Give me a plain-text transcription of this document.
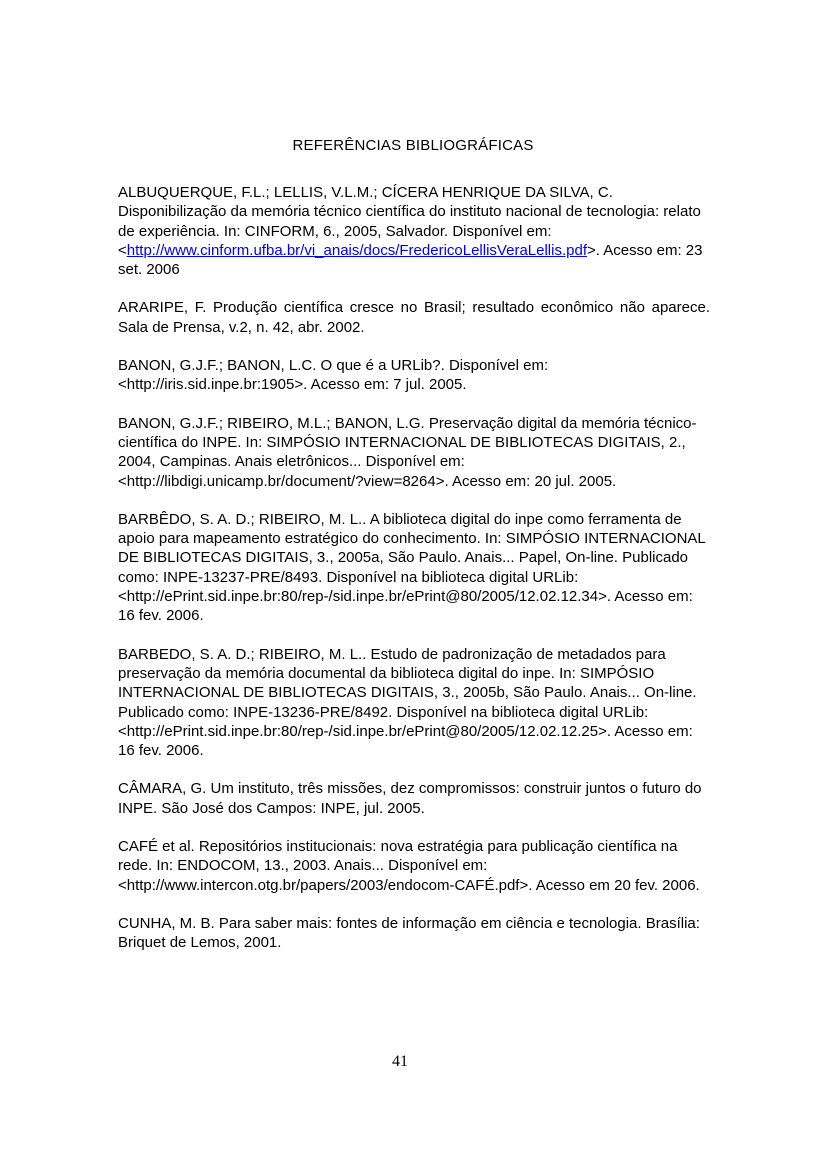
REFERÊNCIAS BIBLIOGRÁFICAS

ALBUQUERQUE, F.L.; LELLIS, V.L.M.; CÍCERA HENRIQUE DA SILVA, C. Disponibilização da memória técnico científica do instituto nacional de tecnologia: relato de experiência. In: CINFORM, 6., 2005, Salvador. Disponível em: <http://www.cinform.ufba.br/vi_anais/docs/FredericoLellisVeraLellis.pdf>. Acesso em: 23 set. 2006

ARARIPE, F. Produção científica cresce no Brasil; resultado econômico não aparece. Sala de Prensa, v.2, n. 42, abr. 2002.

BANON, G.J.F.; BANON, L.C. O que é a URLib?. Disponível em: <http://iris.sid.inpe.br:1905>. Acesso em: 7 jul. 2005.

BANON, G.J.F.; RIBEIRO, M.L.; BANON, L.G. Preservação digital da memória técnico-científica do INPE. In: SIMPÓSIO INTERNACIONAL DE BIBLIOTECAS DIGITAIS, 2., 2004, Campinas. Anais eletrônicos... Disponível em: <http://libdigi.unicamp.br/document/?view=8264>. Acesso em: 20 jul. 2005.

BARBÊDO, S. A. D.; RIBEIRO, M. L.. A biblioteca digital do inpe como ferramenta de apoio para mapeamento estratégico do conhecimento. In: SIMPÓSIO INTERNACIONAL DE BIBLIOTECAS DIGITAIS, 3., 2005a, São Paulo. Anais... Papel, On-line. Publicado como: INPE-13237-PRE/8493. Disponível na biblioteca digital URLib: <http://ePrint.sid.inpe.br:80/rep-/sid.inpe.br/ePrint@80/2005/12.02.12.34>. Acesso em: 16 fev. 2006.

BARBEDO, S. A. D.; RIBEIRO, M. L.. Estudo de padronização de metadados para preservação da memória documental da biblioteca digital do inpe. In: SIMPÓSIO INTERNACIONAL DE BIBLIOTECAS DIGITAIS, 3., 2005b, São Paulo. Anais... On-line. Publicado como: INPE-13236-PRE/8492. Disponível na biblioteca digital URLib: <http://ePrint.sid.inpe.br:80/rep-/sid.inpe.br/ePrint@80/2005/12.02.12.25>. Acesso em: 16 fev. 2006.

CÂMARA, G. Um instituto, três missões, dez compromissos: construir juntos o futuro do INPE. São José dos Campos: INPE, jul. 2005.

CAFÉ et al. Repositórios institucionais: nova estratégia para publicação científica na rede. In: ENDOCOM, 13., 2003. Anais... Disponível em: <http://www.intercon.otg.br/papers/2003/endocom-CAFÉ.pdf>. Acesso em 20 fev. 2006.

CUNHA, M. B. Para saber mais: fontes de informação em ciência e tecnologia. Brasília: Briquet de Lemos, 2001.

41
